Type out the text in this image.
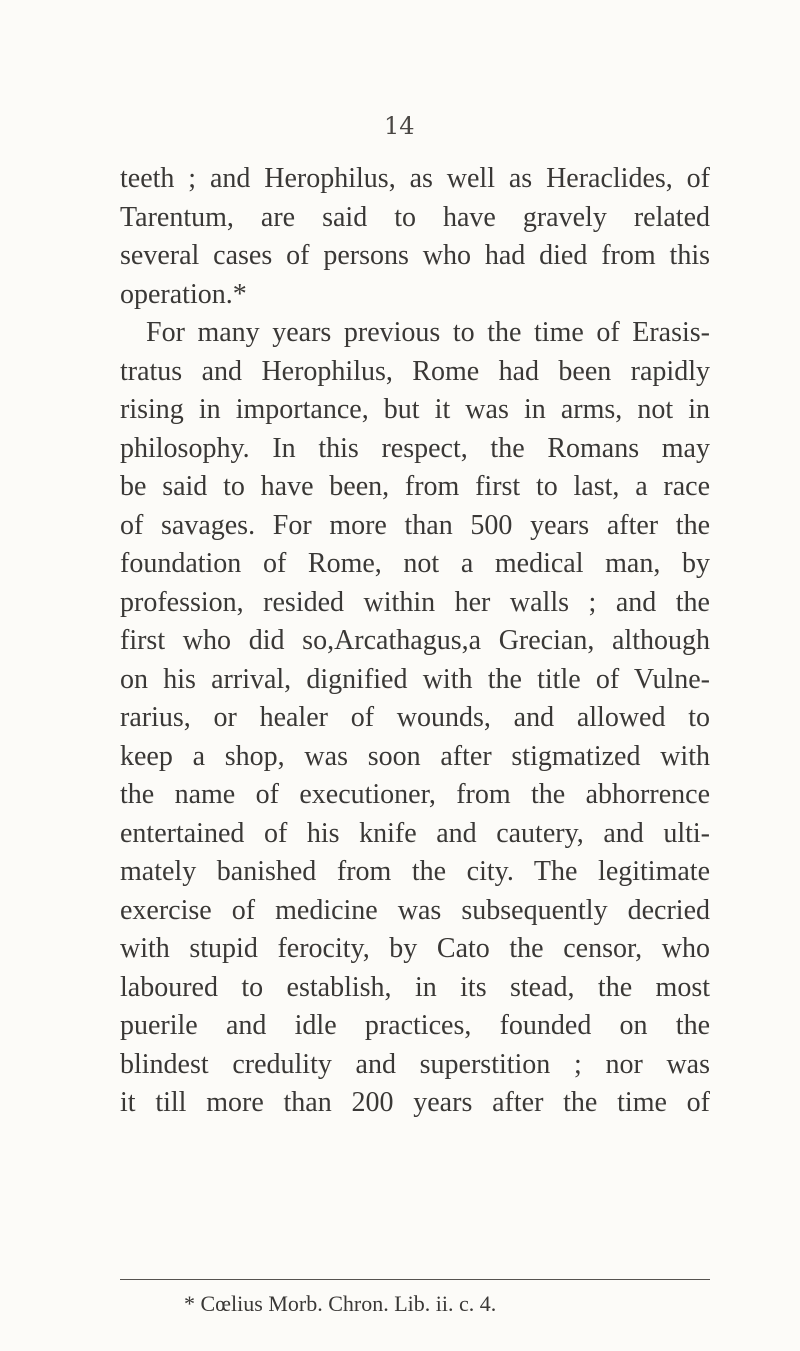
14
teeth ; and Herophilus, as well as Heraclides, of
Tarentum, are said to have gravely related
several cases of persons who had died from this
operation.*
For many years previous to the time of Erasis-
tratus and Herophilus, Rome had been rapidly
rising in importance, but it was in arms, not in
philosophy. In this respect, the Romans may
be said to have been, from first to last, a race
of savages. For more than 500 years after the
foundation of Rome, not a medical man, by
profession, resided within her walls ; and the
first who did so,Arcathagus,a Grecian, although
on his arrival, dignified with the title of Vulne-
rarius, or healer of wounds, and allowed to
keep a shop, was soon after stigmatized with
the name of executioner, from the abhorrence
entertained of his knife and cautery, and ulti-
mately banished from the city. The legitimate
exercise of medicine was subsequently decried
with stupid ferocity, by Cato the censor, who
laboured to establish, in its stead, the most
puerile and idle practices, founded on the
blindest credulity and superstition ; nor was
it till more than 200 years after the time of
* Cœlius Morb. Chron. Lib. ii. c. 4.
